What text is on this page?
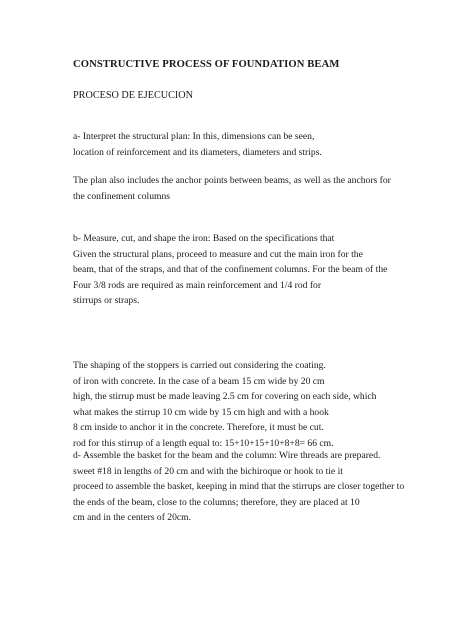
CONSTRUCTIVE PROCESS OF FOUNDATION BEAM
PROCESO DE EJECUCION
a- Interpret the structural plan: In this, dimensions can be seen,
location of reinforcement and its diameters, diameters and strips.
The plan also includes the anchor points between beams, as well as the anchors for
the confinement columns
b- Measure, cut, and shape the iron: Based on the specifications that
Given the structural plans, proceed to measure and cut the main iron for the
beam, that of the straps, and that of the confinement columns. For the beam of the
Four 3/8 rods are required as main reinforcement and 1/4 rod for
stirrups or straps.
The shaping of the stoppers is carried out considering the coating.
of iron with concrete. In the case of a beam 15 cm wide by 20 cm
high, the stirrup must be made leaving 2.5 cm for covering on each side, which
what makes the stirrup 10 cm wide by 15 cm high and with a hook
8 cm inside to anchor it in the concrete. Therefore, it must be cut.
rod for this stirrup of a length equal to: 15+10+15+10+8+8= 66 cm.
d- Assemble the basket for the beam and the column: Wire threads are prepared.
sweet #18 in lengths of 20 cm and with the bichiroque or hook to tie it
proceed to assemble the basket, keeping in mind that the stirrups are closer together to
the ends of the beam, close to the columns; therefore, they are placed at 10
cm and in the centers of 20cm.
